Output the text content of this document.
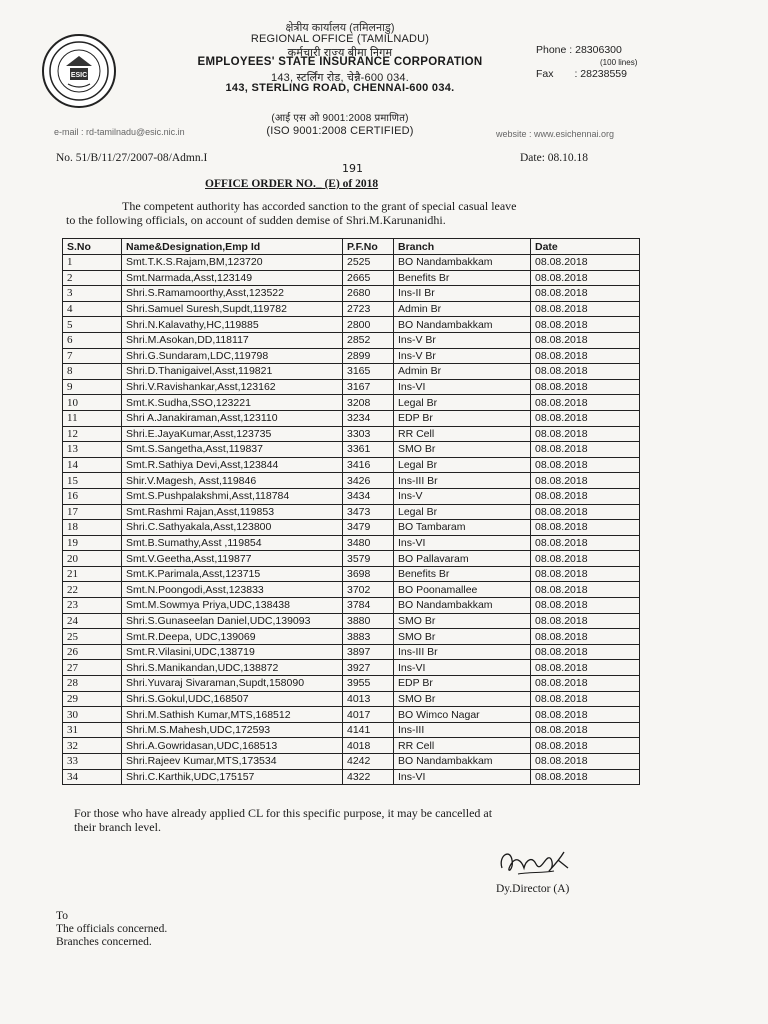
ESIC
क्षेत्रीय कार्यालय (तमिलनाडु)
REGIONAL OFFICE (TAMILNADU)
कर्मचारी राज्य बीमा निगम
EMPLOYEES' STATE INSURANCE CORPORATION
143, स्टर्लिंग रोड, चेन्नै-600 034.
143, STERLING ROAD, CHENNAI-600 034.
(आई एस ओ 9001:2008 प्रमाणित)
(ISO 9001:2008 CERTIFIED)
Phone : 28306300
(100 lines)
Fax : 28238559
e-mail : rd-tamilnadu@esic.nic.in	website : www.esichennai.org
No. 51/B/11/27/2007-08/Admn.I
191
Date: 08.10.18
OFFICE ORDER NO._ (E) of 2018
The competent authority has accorded sanction to the grant of special casual leave
to the following officials, on account of sudden demise of Shri.M.Karunanidhi.
S.No	Name&Designation,Emp Id	P.F.No	Branch	Date
1	Smt.T.K.S.Rajam,BM,123720	2525	BO Nandambakkam	08.08.2018
2	Smt.Narmada,Asst,123149	2665	Benefits Br	08.08.2018
3	Shri.S.Ramamoorthy,Asst,123522	2680	Ins-II Br	08.08.2018
4	Shri.Samuel Suresh,Supdt,119782	2723	Admin Br	08.08.2018
5	Shri.N.Kalavathy,HC,119885	2800	BO Nandambakkam	08.08.2018
6	Shri.M.Asokan,DD,118117	2852	Ins-V Br	08.08.2018
7	Shri.G.Sundaram,LDC,119798	2899	Ins-V Br	08.08.2018
8	Shri.D.Thanigaivel,Asst,119821	3165	Admin Br	08.08.2018
9	Shri.V.Ravishankar,Asst,123162	3167	Ins-VI	08.08.2018
10	Smt.K.Sudha,SSO,123221	3208	Legal Br	08.08.2018
11	Shri A.Janakiraman,Asst,123110	3234	EDP Br	08.08.2018
12	Shri.E.JayaKumar,Asst,123735	3303	RR Cell	08.08.2018
13	Smt.S.Sangetha,Asst,119837	3361	SMO Br	08.08.2018
14	Smt.R.Sathiya Devi,Asst,123844	3416	Legal Br	08.08.2018
15	Shir.V.Magesh, Asst,119846	3426	Ins-III Br	08.08.2018
16	Smt.S.Pushpalakshmi,Asst,118784	3434	Ins-V	08.08.2018
17	Smt.Rashmi Rajan,Asst,119853	3473	Legal Br	08.08.2018
18	Shri.C.Sathyakala,Asst,123800	3479	BO Tambaram	08.08.2018
19	Smt.B.Sumathy,Asst ,119854	3480	Ins-VI	08.08.2018
20	Smt.V.Geetha,Asst,119877	3579	BO Pallavaram	08.08.2018
21	Smt.K.Parimala,Asst,123715	3698	Benefits Br	08.08.2018
22	Smt.N.Poongodi,Asst,123833	3702	BO Poonamallee	08.08.2018
23	Smt.M.Sowmya Priya,UDC,138438	3784	BO Nandambakkam	08.08.2018
24	Shri.S.Gunaseelan Daniel,UDC,139093	3880	SMO Br	08.08.2018
25	Smt.R.Deepa, UDC,139069	3883	SMO Br	08.08.2018
26	Smt.R.Vilasini,UDC,138719	3897	Ins-III Br	08.08.2018
27	Shri.S.Manikandan,UDC,138872	3927	Ins-VI	08.08.2018
28	Shri.Yuvaraj Sivaraman,Supdt,158090	3955	EDP Br	08.08.2018
29	Shri.S.Gokul,UDC,168507	4013	SMO Br	08.08.2018
30	Shri.M.Sathish Kumar,MTS,168512	4017	BO Wimco Nagar	08.08.2018
31	Shri.M.S.Mahesh,UDC,172593	4141	Ins-III	08.08.2018
32	Shri.A.Gowridasan,UDC,168513	4018	RR Cell	08.08.2018
33	Shri.Rajeev Kumar,MTS,173534	4242	BO Nandambakkam	08.08.2018
34	Shri.C.Karthik,UDC,175157	4322	Ins-VI	08.08.2018
For those who have already applied CL for this specific purpose, it may be cancelled at
their branch level.
Dy.Director (A)
To
The officials concerned.
Branches concerned.
